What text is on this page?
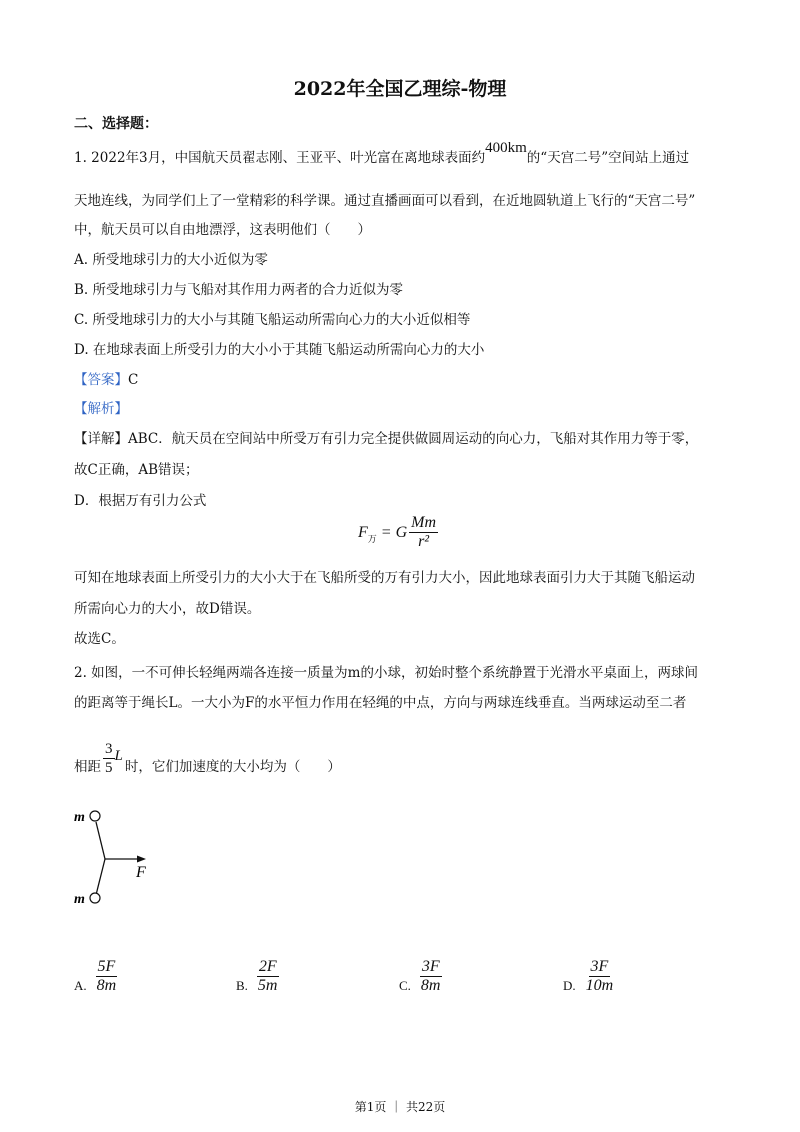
2022年全国乙理综-物理
二、选择题：
1. 2022年3月，中国航天员翟志刚、王亚平、叶光富在离地球表面约400km的“天宫二号”空间站上通过
天地连线，为同学们上了一堂精彩的科学课。通过直播画面可以看到，在近地圆轨道上飞行的“天宫二号”
中，航天员可以自由地漂浮，这表明他们（　　）
A. 所受地球引力的大小近似为零
B. 所受地球引力与飞船对其作用力两者的合力近似为零
C. 所受地球引力的大小与其随飞船运动所需向心力的大小近似相等
D. 在地球表面上所受引力的大小小于其随飞船运动所需向心力的大小
【答案】C
【解析】
【详解】ABC．航天员在空间站中所受万有引力完全提供做圆周运动的向心力，飞船对其作用力等于零，
故C正确，AB错误；
D．根据万有引力公式
F 万 = G $\frac{Mm}{\text{r²}}$
可知在地球表面上所受引力的大小大于在飞船所受的万有引力大小，因此地球表面引力大于其随飞船运动
所需向心力的大小，故D错误。
故选C。
2. 如图，一不可伸长轻绳两端各连接一质量为m的小球，初始时整个系统静置于光滑水平桌面上，两球间
的距离等于绳长L。一大小为F的水平恒力作用在轻绳的中点，方向与两球连线垂直。当两球运动至二者
相距 $\frac{3}{5}$ L
时，它们加速度的大小均为（　　）
m
m
F
A. $\frac{5F}{8m}$	B. $\frac{2F}{5m}$	C. $\frac{3F}{8m}$	D. $\frac{3F}{10m}$
第1页 ｜ 共22页
